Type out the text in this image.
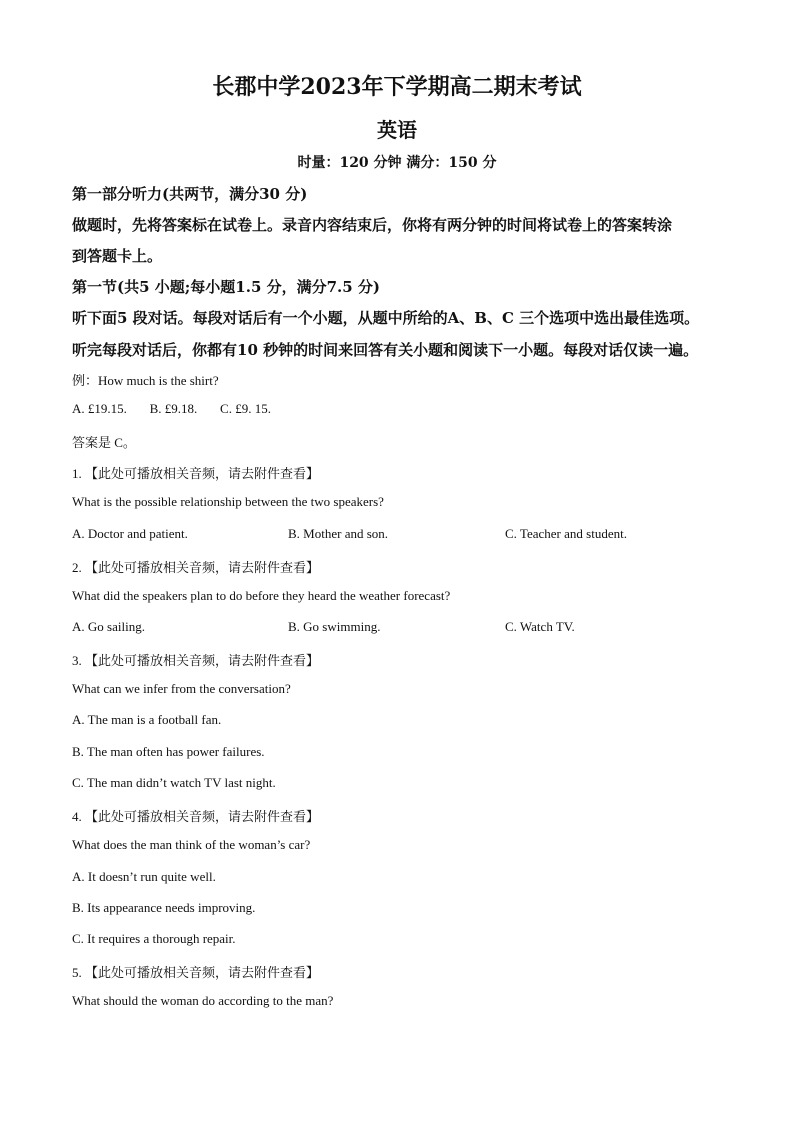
长郡中学2023年下学期高二期末考试
英语
时量：120 分钟 满分：150 分
第一部分听力(共两节，满分30 分)
做题时，先将答案标在试卷上。录音内容结束后，你将有两分钟的时间将试卷上的答案转涂
到答题卡上。
第一节(共5 小题;每小题1.5 分，满分7.5 分)
听下面5 段对话。每段对话后有一个小题，从题中所给的A、B、C 三个选项中选出最佳选项。
听完每段对话后，你都有10 秒钟的时间来回答有关小题和阅读下一小题。每段对话仅读一遍。
例：How much is the shirt?
A. £19.15.       B. £9.18.       C. £9. 15.
答案是 C。
1. 【此处可播放相关音频，请去附件查看】
What is the possible relationship between the two speakers?
A. Doctor and patient.	B. Mother and son.	C. Teacher and student.
2. 【此处可播放相关音频，请去附件查看】
What did the speakers plan to do before they heard the weather forecast?
A. Go sailing.	B. Go swimming.	C. Watch TV.
3. 【此处可播放相关音频，请去附件查看】
What can we infer from the conversation?
A. The man is a football fan.
B. The man often has power failures.
C. The man didn’t watch TV last night.
4. 【此处可播放相关音频，请去附件查看】
What does the man think of the woman’s car?
A. It doesn’t run quite well.
B. Its appearance needs improving.
C. It requires a thorough repair.
5. 【此处可播放相关音频，请去附件查看】
What should the woman do according to the man?
